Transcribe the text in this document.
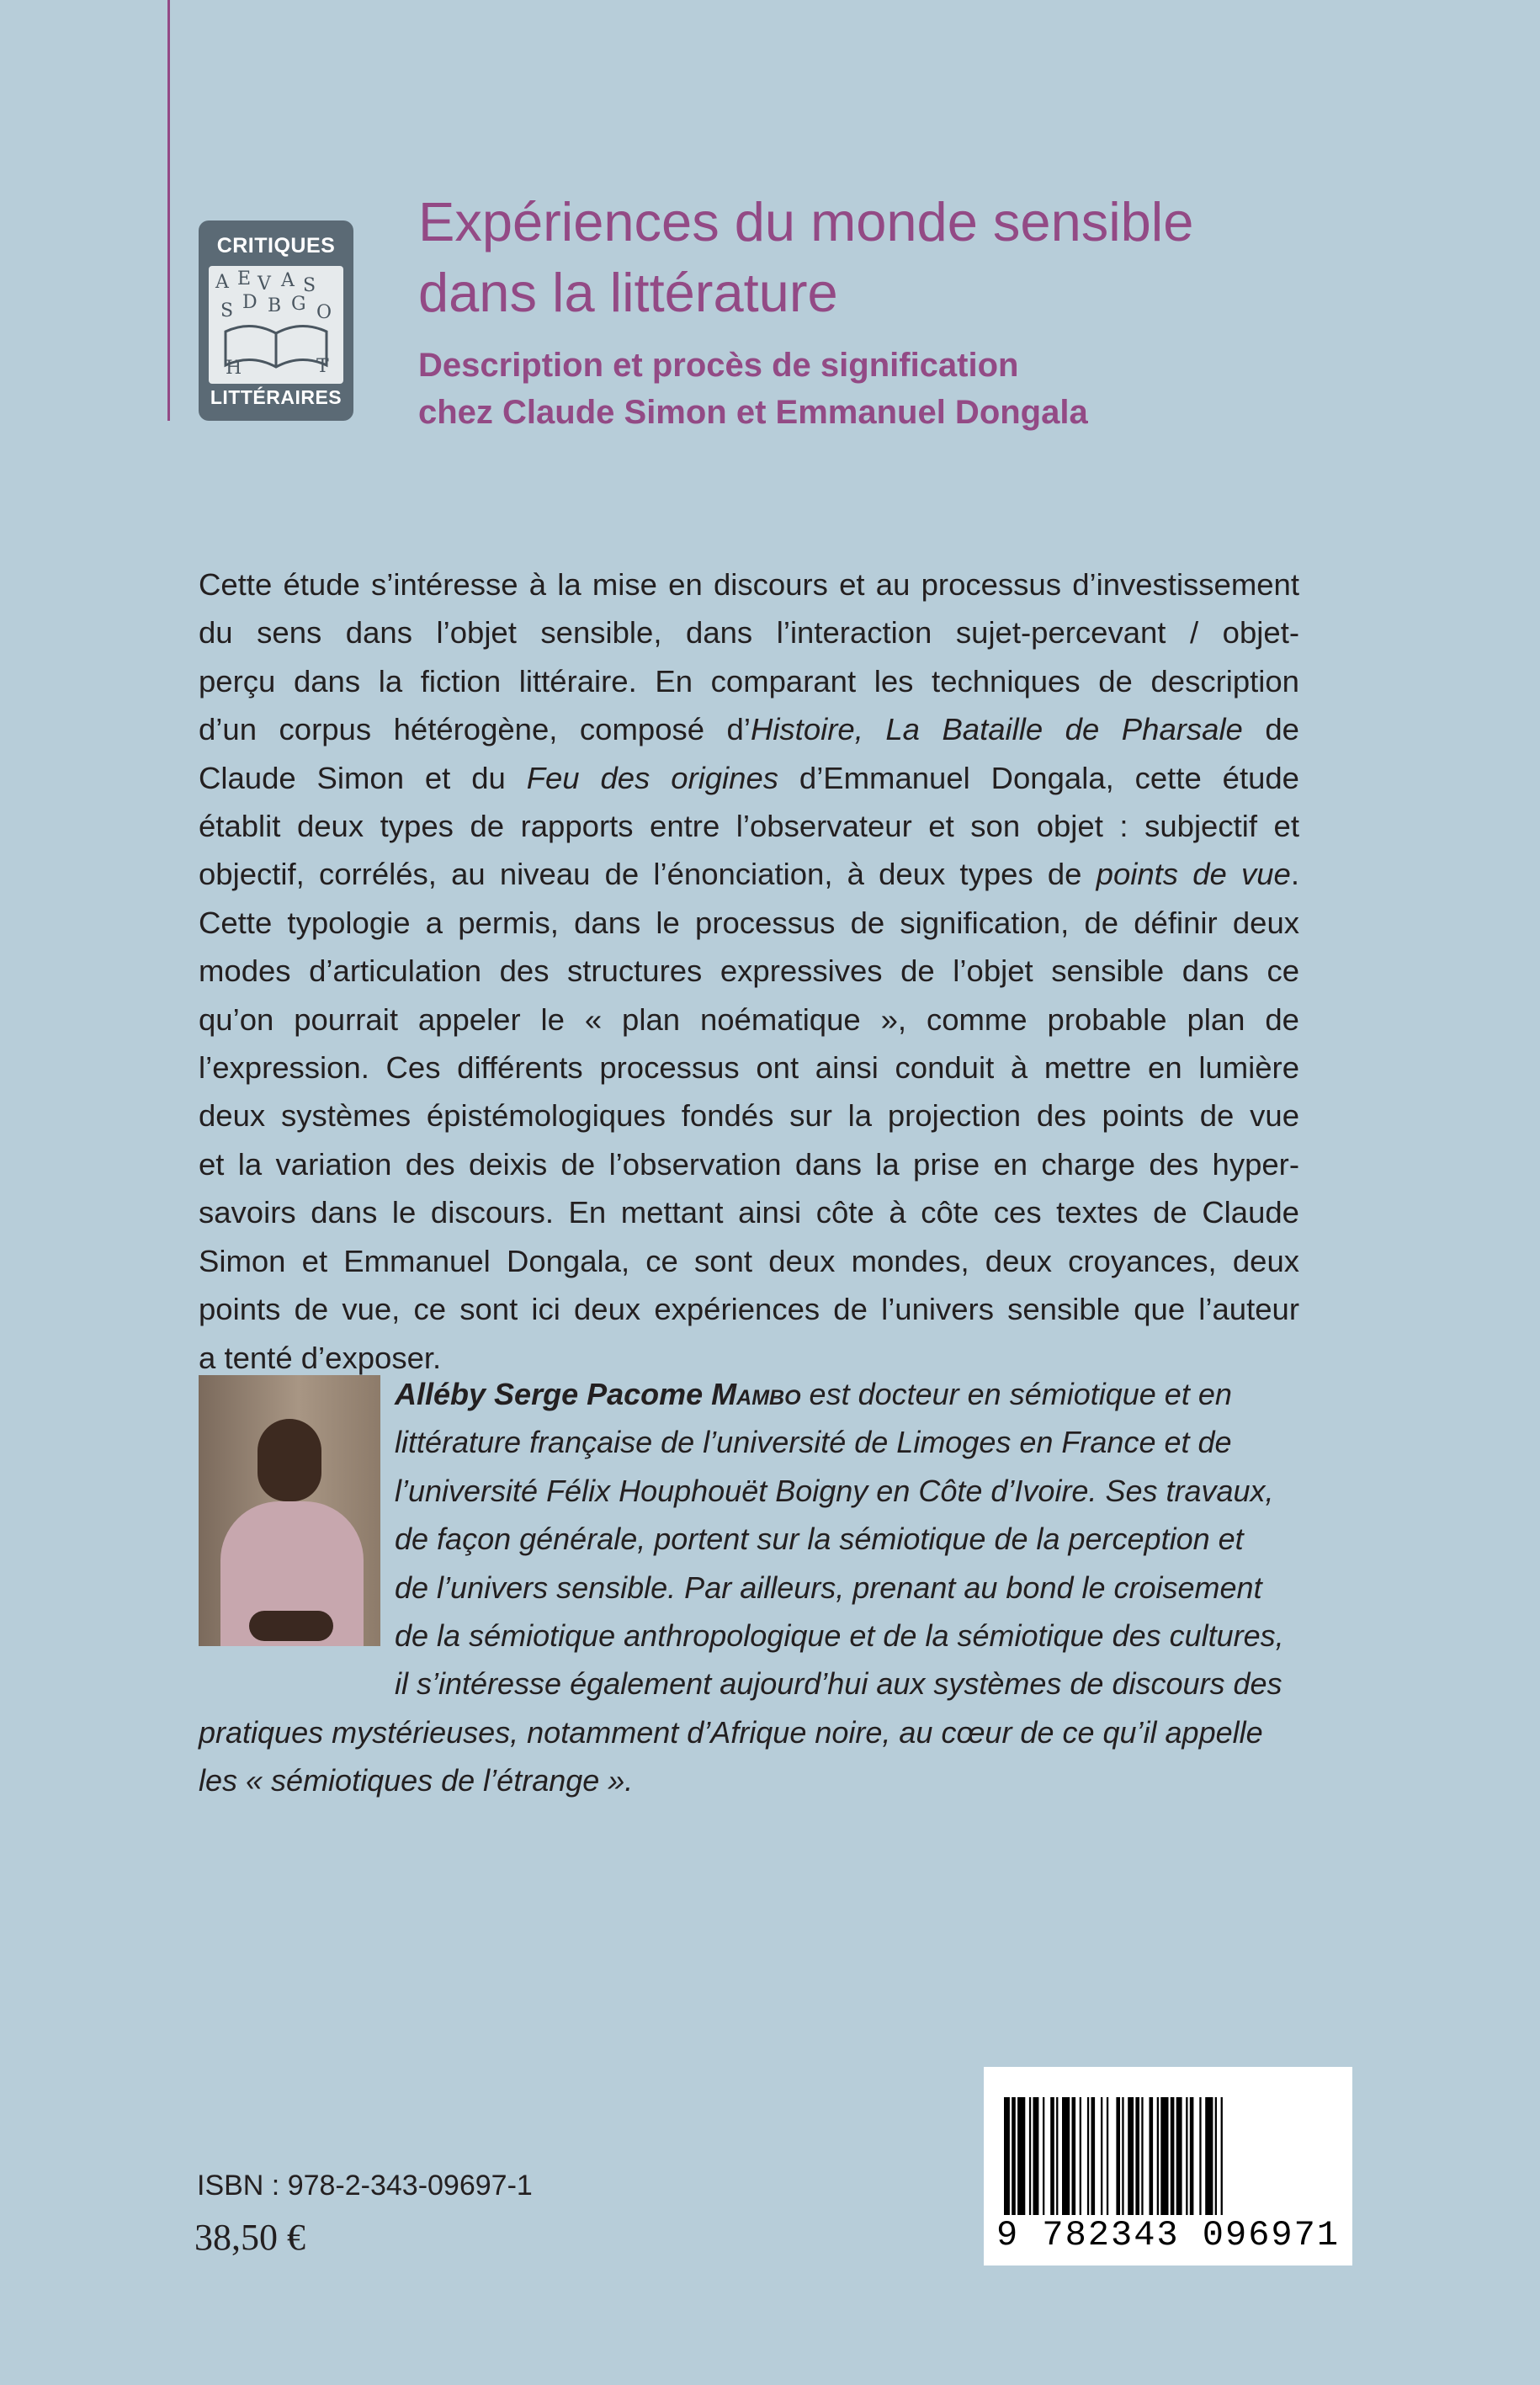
CRITIQUES
A E V A S
D B G
S	O
H	T
LITTÉRAIRES
Expériences du monde sensible
dans la littérature
Description et procès de signification
chez Claude Simon et Emmanuel Dongala
Cette étude s’intéresse à la mise en discours et au processus d’investissement
du sens dans l’objet sensible, dans l’interaction sujet-percevant / objet-
perçu dans la fiction littéraire. En comparant les techniques de description
d’un corpus hétérogène, composé d’Histoire, La Bataille de Pharsale de
Claude Simon et du Feu des origines d’Emmanuel Dongala, cette étude
établit deux types de rapports entre l’observateur et son objet : subjectif et
objectif, corrélés, au niveau de l’énonciation, à deux types de points de vue.
Cette typologie a permis, dans le processus de signification, de définir deux
modes d’articulation des structures expressives de l’objet sensible dans ce
qu’on pourrait appeler le « plan noématique », comme probable plan de
l’expression. Ces différents processus ont ainsi conduit à mettre en lumière
deux systèmes épistémologiques fondés sur la projection des points de vue
et la variation des deixis de l’observation dans la prise en charge des hyper-
savoirs dans le discours. En mettant ainsi côte à côte ces textes de Claude
Simon et Emmanuel Dongala, ce sont deux mondes, deux croyances, deux
points de vue, ce sont ici deux expériences de l’univers sensible que l’auteur
a tenté d’exposer.
Alléby Serge Pacome Mambo est docteur en sémiotique et en
littérature française de l’université de Limoges en France et de
l’université Félix Houphouët Boigny en Côte d’Ivoire. Ses travaux,
de façon générale, portent sur la sémiotique de la perception et
de l’univers sensible. Par ailleurs, prenant au bond le croisement
de la sémiotique anthropologique et de la sémiotique des cultures,
il s’intéresse également aujourd’hui aux systèmes de discours des
pratiques mystérieuses, notamment d’Afrique noire, au cœur de ce qu’il appelle
les « sémiotiques de l’étrange ».
ISBN : 978-2-343-09697-1
38,50 €	9 782343 096971
